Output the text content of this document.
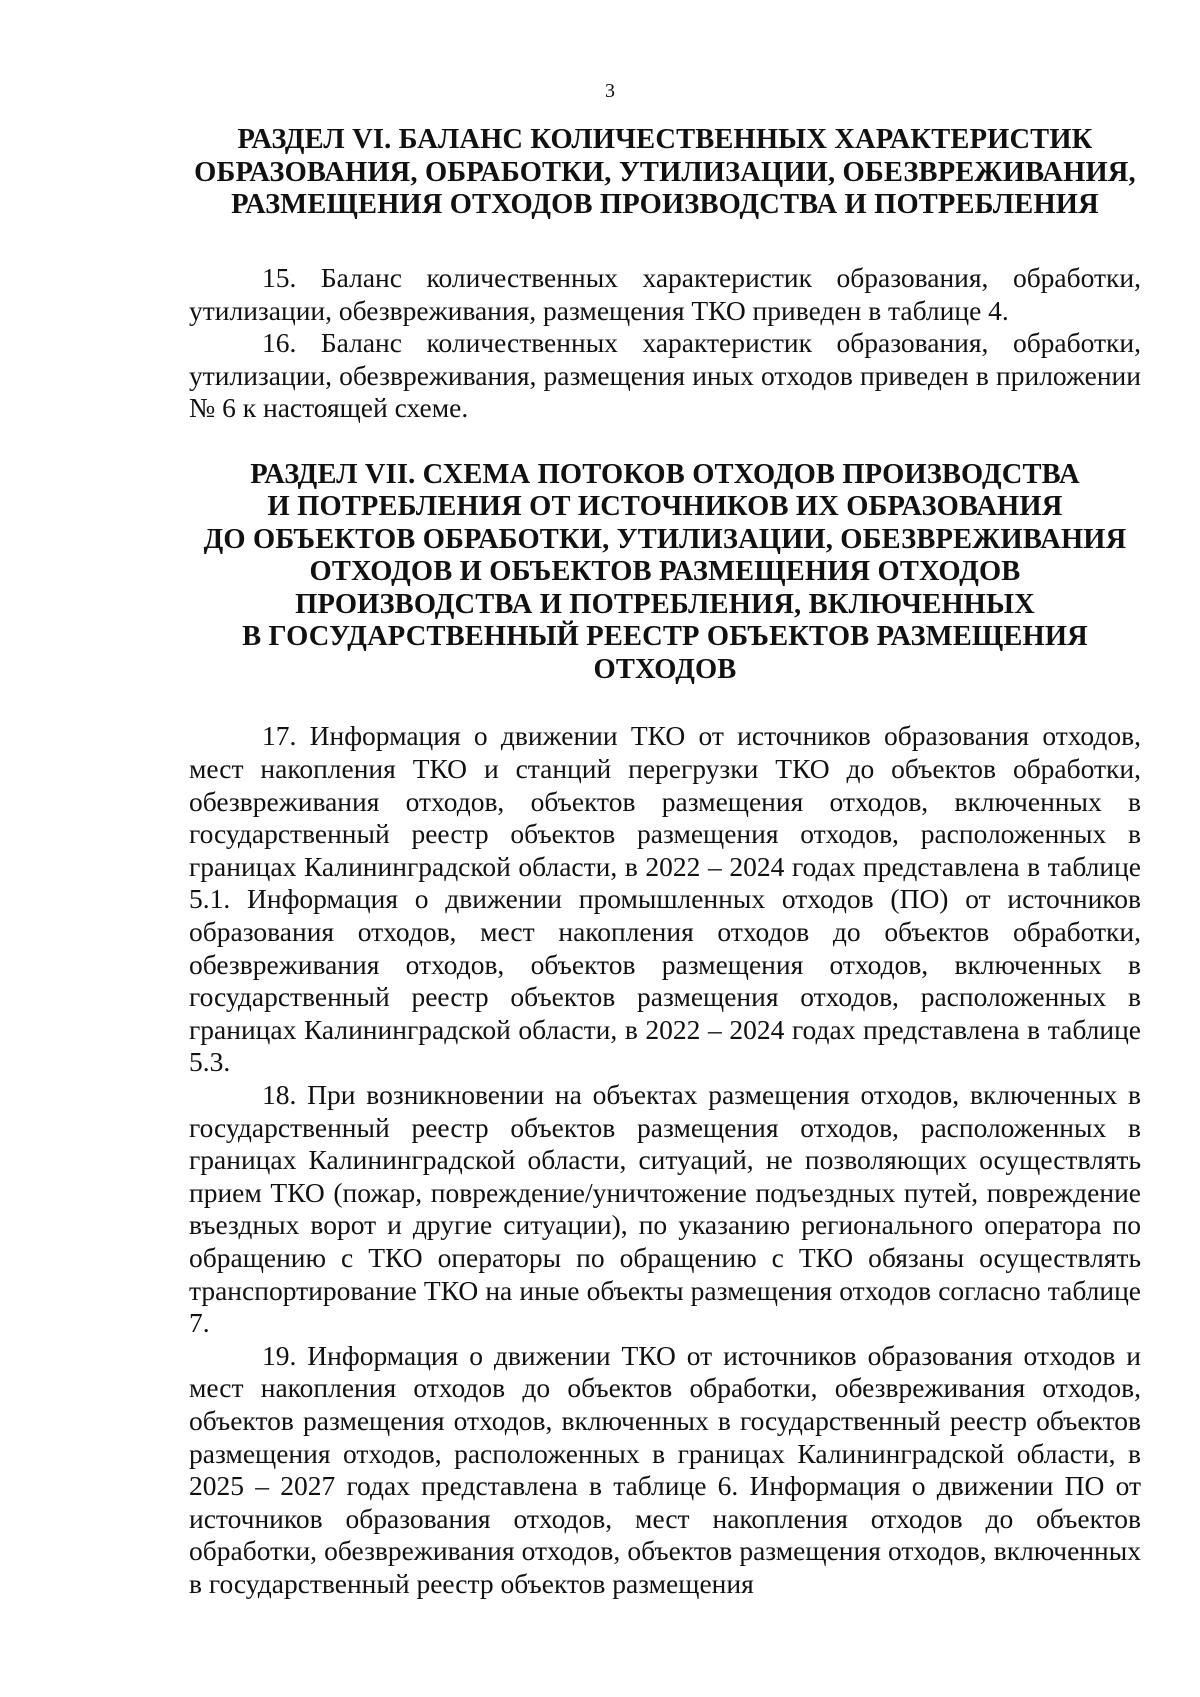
3
РАЗДЕЛ VI. БАЛАНС КОЛИЧЕСТВЕННЫХ ХАРАКТЕРИСТИК
ОБРАЗОВАНИЯ, ОБРАБОТКИ, УТИЛИЗАЦИИ, ОБЕЗВРЕЖИВАНИЯ,
РАЗМЕЩЕНИЯ ОТХОДОВ ПРОИЗВОДСТВА И ПОТРЕБЛЕНИЯ

15. Баланс количественных характеристик образования, обработки, утилизации, обезвреживания, размещения ТКО приведен в таблице 4.

16. Баланс количественных характеристик образования, обработки, утилизации, обезвреживания, размещения иных отходов приведен в приложении № 6 к настоящей схеме.

РАЗДЕЛ VII. СХЕМА ПОТОКОВ ОТХОДОВ ПРОИЗВОДСТВА
И ПОТРЕБЛЕНИЯ ОТ ИСТОЧНИКОВ ИХ ОБРАЗОВАНИЯ
ДО ОБЪЕКТОВ ОБРАБОТКИ, УТИЛИЗАЦИИ, ОБЕЗВРЕЖИВАНИЯ
ОТХОДОВ И ОБЪЕКТОВ РАЗМЕЩЕНИЯ ОТХОДОВ
ПРОИЗВОДСТВА И ПОТРЕБЛЕНИЯ, ВКЛЮЧЕННЫХ
В ГОСУДАРСТВЕННЫЙ РЕЕСТР ОБЪЕКТОВ РАЗМЕЩЕНИЯ
ОТХОДОВ

17. Информация о движении ТКО от источников образования отходов, мест накопления ТКО и станций перегрузки ТКО до объектов обработки, обезвреживания отходов, объектов размещения отходов, включенных в государственный реестр объектов размещения отходов, расположенных в границах Калининградской области, в 2022 – 2024 годах представлена в таблице 5.1. Информация о движении промышленных отходов (ПО) от источников образования отходов, мест накопления отходов до объектов обработки, обезвреживания отходов, объектов размещения отходов, включенных в государственный реестр объектов размещения отходов, расположенных в границах Калининградской области, в 2022 – 2024 годах представлена в таблице 5.3.

18. При возникновении на объектах размещения отходов, включенных в государственный реестр объектов размещения отходов, расположенных в границах Калининградской области, ситуаций, не позволяющих осуществлять прием ТКО (пожар, повреждение/уничтожение подъездных путей, повреждение въездных ворот и другие ситуации), по указанию регионального оператора по обращению с ТКО операторы по обращению с ТКО обязаны осуществлять транспортирование ТКО на иные объекты размещения отходов согласно таблице 7.

19. Информация о движении ТКО от источников образования отходов и мест накопления отходов до объектов обработки, обезвреживания отходов, объектов размещения отходов, включенных в государственный реестр объектов размещения отходов, расположенных в границах Калининградской области, в 2025 – 2027 годах представлена в таблице 6. Информация о движении ПО от источников образования отходов, мест накопления отходов до объектов обработки, обезвреживания отходов, объектов размещения отходов, включенных в государственный реестр объектов размещения
